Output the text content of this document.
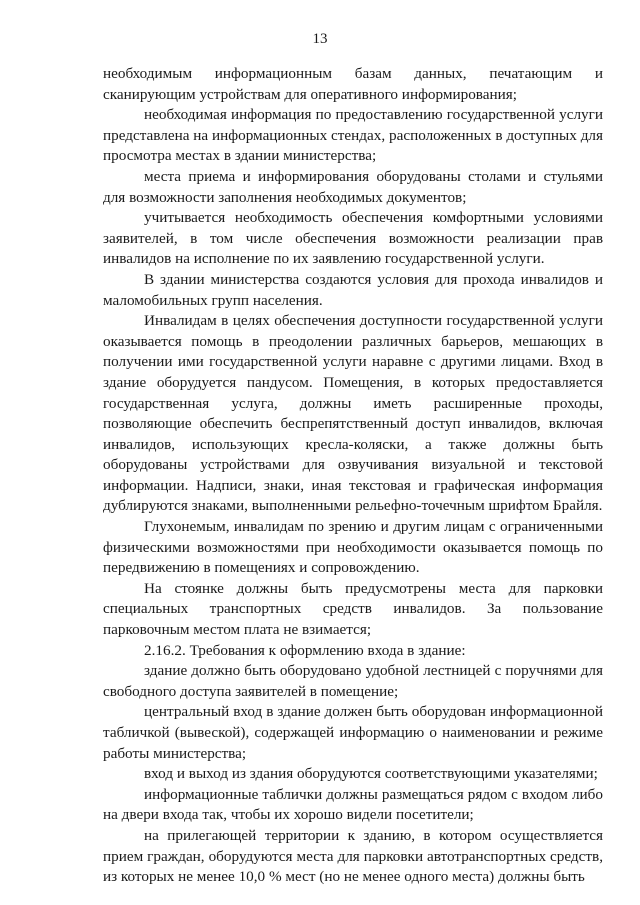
13

необходимым информационным базам данных, печатающим и сканирующим устройствам для оперативного информирования;

необходимая информация по предоставлению государственной услуги представлена на информационных стендах, расположенных в доступных для просмотра местах в здании министерства;

места приема и информирования оборудованы столами и стульями для возможности заполнения необходимых документов;

учитывается необходимость обеспечения комфортными условиями заявителей, в том числе обеспечения возможности реализации прав инвалидов на исполнение по их заявлению государственной услуги.

В здании министерства создаются условия для прохода инвалидов и маломобильных групп населения.

Инвалидам в целях обеспечения доступности государственной услуги оказывается помощь в преодолении различных барьеров, мешающих в получении ими государственной услуги наравне с другими лицами. Вход в здание оборудуется пандусом. Помещения, в которых предоставляется государственная услуга, должны иметь расширенные проходы, позволяющие обеспечить беспрепятственный доступ инвалидов, включая инвалидов, использующих кресла-коляски, а также должны быть оборудованы устройствами для озвучивания визуальной и текстовой информации. Надписи, знаки, иная текстовая и графическая информация дублируются знаками, выполненными рельефно-точечным шрифтом Брайля.

Глухонемым, инвалидам по зрению и другим лицам с ограниченными физическими возможностями при необходимости оказывается помощь по передвижению в помещениях и сопровождению.

На стоянке должны быть предусмотрены места для парковки специальных транспортных средств инвалидов. За пользование парковочным местом плата не взимается;

2.16.2. Требования к оформлению входа в здание:

здание должно быть оборудовано удобной лестницей с поручнями для свободного доступа заявителей в помещение;

центральный вход в здание должен быть оборудован информационной табличкой (вывеской), содержащей информацию о наименовании и режиме работы министерства;

вход и выход из здания оборудуются соответствующими указателями;

информационные таблички должны размещаться рядом с входом либо на двери входа так, чтобы их хорошо видели посетители;

на прилегающей территории к зданию, в котором осуществляется прием граждан, оборудуются места для парковки автотранспортных средств, из которых не менее 10,0 % мест (но не менее одного места) должны быть
